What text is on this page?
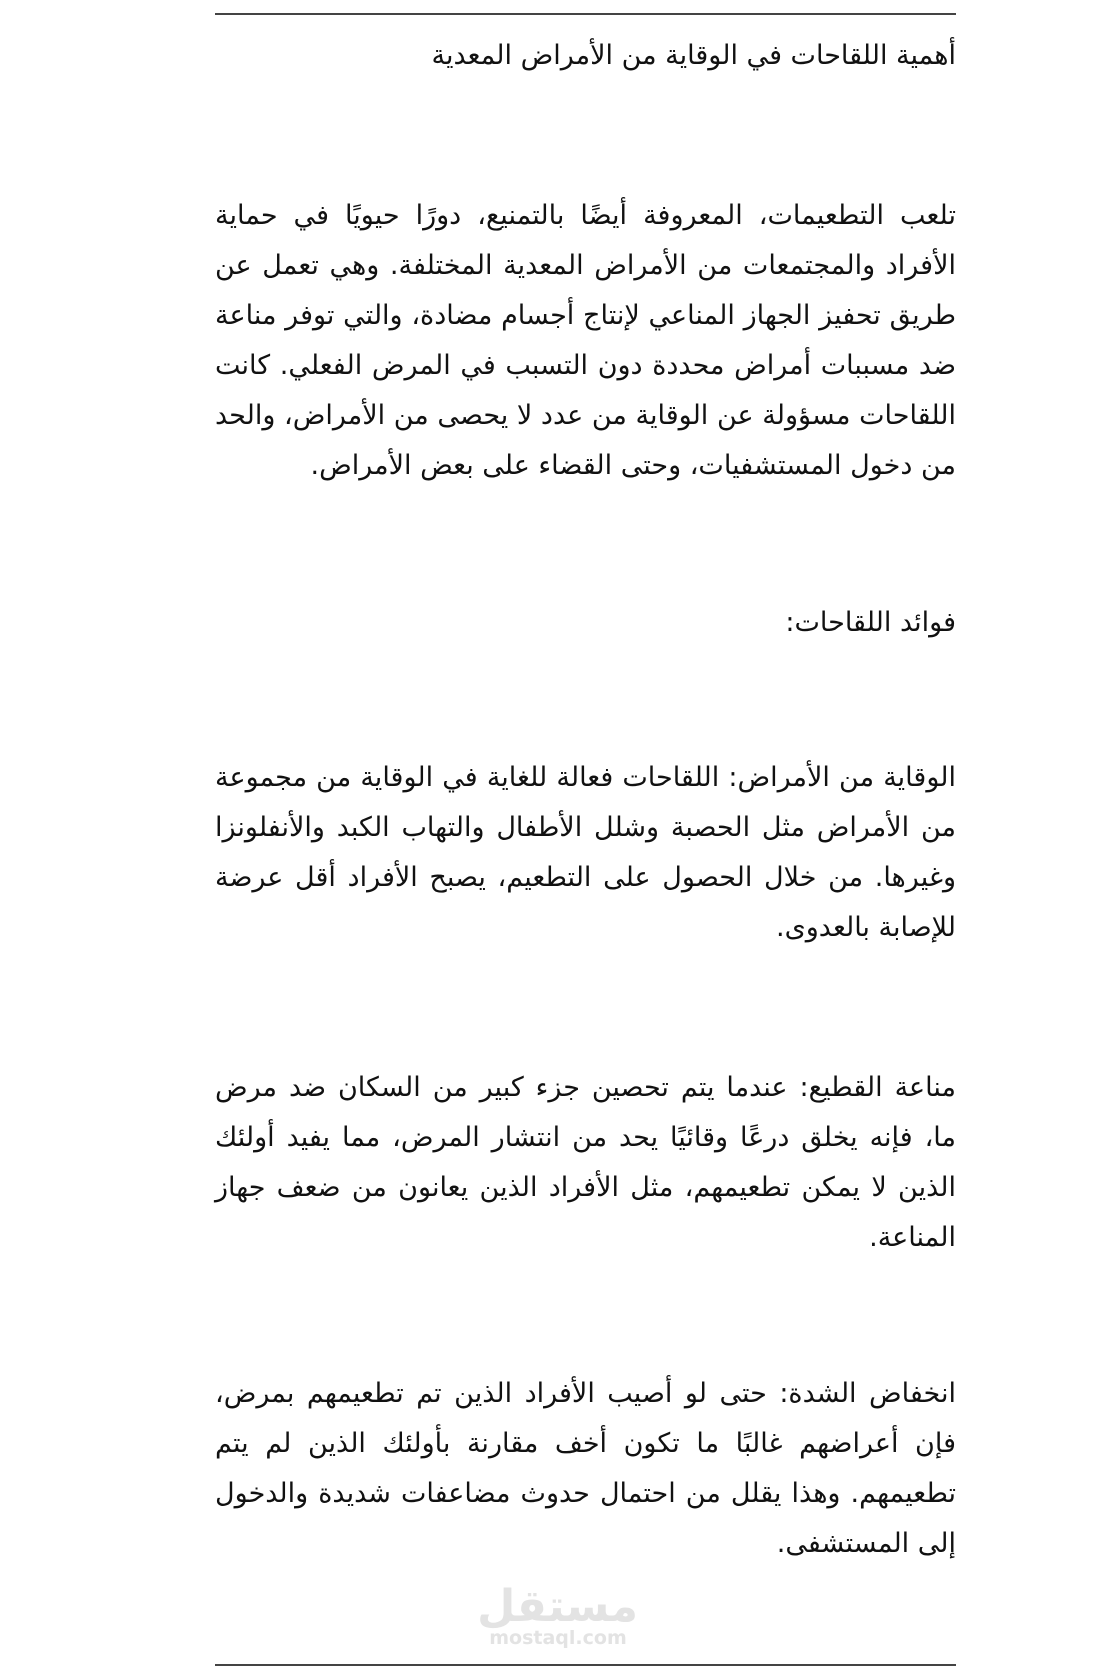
أهمية اللقاحات في الوقاية من الأمراض المعدية

تلعب التطعيمات، المعروفة أيضًا بالتمنيع، دورًا حيويًا في حماية الأفراد والمجتمعات من الأمراض المعدية المختلفة. وهي تعمل عن طريق تحفيز الجهاز المناعي لإنتاج أجسام مضادة، والتي توفر مناعة ضد مسببات أمراض محددة دون التسبب في المرض الفعلي. كانت اللقاحات مسؤولة عن الوقاية من عدد لا يحصى من الأمراض، والحد من دخول المستشفيات، وحتى القضاء على بعض الأمراض.

فوائد اللقاحات:

الوقاية من الأمراض: اللقاحات فعالة للغاية في الوقاية من مجموعة من الأمراض مثل الحصبة وشلل الأطفال والتهاب الكبد والأنفلونزا وغيرها. من خلال الحصول على التطعيم، يصبح الأفراد أقل عرضة للإصابة بالعدوى.

مناعة القطيع: عندما يتم تحصين جزء كبير من السكان ضد مرض ما، فإنه يخلق درعًا وقائيًا يحد من انتشار المرض، مما يفيد أولئك الذين لا يمكن تطعيمهم، مثل الأفراد الذين يعانون من ضعف جهاز المناعة.

انخفاض الشدة: حتى لو أصيب الأفراد الذين تم تطعيمهم بمرض، فإن أعراضهم غالبًا ما تكون أخف مقارنة بأولئك الذين لم يتم تطعيمهم. وهذا يقلل من احتمال حدوث مضاعفات شديدة والدخول إلى المستشفى.

مستقل
mostaql.com
